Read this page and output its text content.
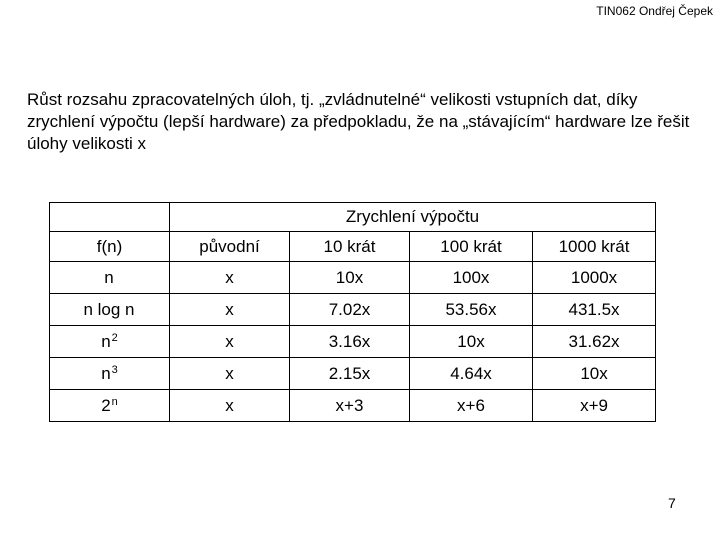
TIN062 Ondřej Čepek
Růst rozsahu zpracovatelných úloh, tj. „zvládnutelné“ velikosti vstupních dat, díky zrychlení výpočtu (lepší hardware) za předpokladu, že na „stávajícím“ hardware lze řešit úlohy velikosti x
	Zrychlení výpočtu			
f(n)	původní	10 krát	100 krát	1000 krát
n	x	10x	100x	1000x
n log n	x	7.02x	53.56x	431.5x
$n^2$	x	3.16x	10x	31.62x
$n^3$	x	2.15x	4.64x	10x
2$^n$	x	x+3	x+6	x+9
7
